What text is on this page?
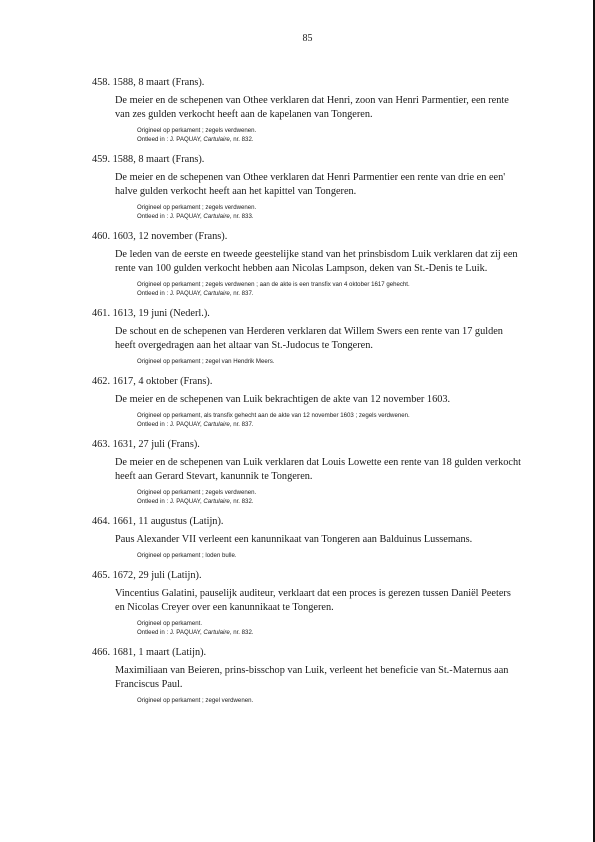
85
458. 1588, 8 maart (Frans).
De meier en de schepenen van Othee verklaren dat Henri, zoon van Henri Parmentier, een rente van zes gulden verkocht heeft aan de kapelanen van Tongeren.
Origineel op perkament ; zegels verdwenen.
Ontleed in : J. PAQUAY, Cartulaire, nr. 832.
459. 1588, 8 maart (Frans).
De meier en de schepenen van Othee verklaren dat Henri Parmentier een rente van drie en een' halve gulden verkocht heeft aan het kapittel van Tongeren.
Origineel op perkament ; zegels verdwenen.
Ontleed in : J. PAQUAY, Cartulaire, nr. 833.
460. 1603, 12 november (Frans).
De leden van de eerste en tweede geestelijke stand van het prinsbisdom Luik verklaren dat zij een rente van 100 gulden verkocht hebben aan Nicolas Lampson, deken van St.-Denis te Luik.
Origineel op perkament ; zegels verdwenen ; aan de akte is een transfix van 4 oktober 1617 gehecht.
Ontleed in : J. PAQUAY, Cartulaire, nr. 837.
461. 1613, 19 juni (Nederl.).
De schout en de schepenen van Herderen verklaren dat Willem Swers een rente van 17 gulden heeft overgedragen aan het altaar van St.-Judocus te Tongeren.
Origineel op perkament ; zegel van Hendrik Meers.
462. 1617, 4 oktober (Frans).
De meier en de schepenen van Luik bekrachtigen de akte van 12 november 1603.
Origineel op perkament, als transfix gehecht aan de akte van 12 november 1603 ; zegels verdwenen.
Ontleed in : J. PAQUAY, Cartulaire, nr. 837.
463. 1631, 27 juli (Frans).
De meier en de schepenen van Luik verklaren dat Louis Lowette een rente van 18 gulden verkocht heeft aan Gerard Stevart, kanunnik te Tongeren.
Origineel op perkament ; zegels verdwenen.
Ontleed in : J. PAQUAY, Cartulaire, nr. 832.
464. 1661, 11 augustus (Latijn).
Paus Alexander VII verleent een kanunnikaat van Tongeren aan Balduinus Lussemans.
Origineel op perkament ; loden bulle.
465. 1672, 29 juli (Latijn).
Vincentius Galatini, pauselijk auditeur, verklaart dat een proces is gerezen tussen Daniël Peeters en Nicolas Creyer over een kanunnikaat te Tongeren.
Origineel op perkament.
Ontleed in : J. PAQUAY, Cartulaire, nr. 832.
466. 1681, 1 maart (Latijn).
Maximiliaan van Beieren, prins-bisschop van Luik, verleent het beneficie van St.-Maternus aan Franciscus Paul.
Origineel op perkament ; zegel verdwenen.
